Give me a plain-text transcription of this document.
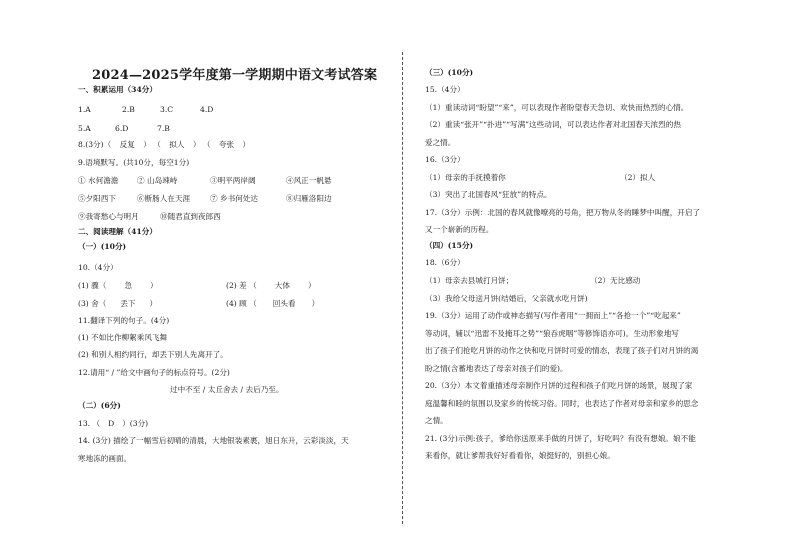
2024—2025学年度第一学期期中语文考试答案
一、积累运用（34分）
1.A	2.B	3.C	4.D
5.A	6.D	7.B
8.(3分)（ 反复 ） （ 拟人 ） （ 夸张 ）
9.语境默写。(共10分，每空1分)
① 水何澹澹 ② 山岛竦峙	③明平两岸阔	④风正一帆悬
⑤夕阳西下	⑥断肠人在天涯	⑦ 乡书何处达	⑧归雁洛阳边
⑨我寄愁心与明月	⑩随君直到夜郎西
二、阅读理解（41分）
（一）(10分)
10.（4分）
(1) 骤（ 急 ）	(2) 差 （ 大体 ）
(3) 舍（ 丢下 ）	(4) 顾 （ 回头看 ）
11.翻译下列的句子。(4分)
(1) 不如比作柳絮乘风飞舞
(2) 和别人相约同行，却丢下别人先离开了。
12.请用“ / ”给文中画句子的标点符号。(2分)
过中不至 / 太丘舍去 / 去后乃至。
（二）(6分)
13. （ D ）(3分)
14. (3分) 描绘了一幅雪后初晴的清晨，大地银装素裹，旭日东升，云彩淡淡，天
寒地冻的画面。
（三）(10分)
15.（4分）
（1）重读动词“盼望”“来”，可以表现作者盼望春天急切、欢快而热烈的心情。
（2）重读“张开”“扑进”“写满”这些动词，可以表达作者对北国春天浓烈的热
爱之情。
16.（3分）
（1）母亲的手抚摸着你	（2）拟人
（3）突出了北国春风“狂放”的特点。
17.（3分）示例：北国的春风就像嘹亮的号角，把万物从冬的睡梦中叫醒，开启了
又一个崭新的历程。
（四）(15分)
18.（6分）
（1）母亲去县城打月饼；	（2）无比感动
（3）我给父母送月饼(结婚后，父亲就水吃月饼)
19.（3分）运用了动作或神态描写(写作者用“一拥而上”“各抢一个”“吃起来”
等动词，辅以“迅雷不及掩耳之势”“狼吞虎咽”等修饰语亦可)。生动形象地写
出了孩子们抢吃月饼的动作之快和吃月饼时可爱的情态，表现了孩子们对月饼的渴
盼之情(含蓄地表达了母亲对孩子们的爱)。
20.（3分）本文着重描述母亲制作月饼的过程和孩子们吃月饼的场景，展现了家
庭温馨和睦的氛围以及家乡的传统习俗。同时，也表达了作者对母亲和家乡的思念
之情。
21. (3分)示例:孩子，爹给你送原来手做的月饼了，好吃吗？有没有想娘。娘不能
来看你，就让爹帮我好好看看你，娘挺好的，别担心娘。
